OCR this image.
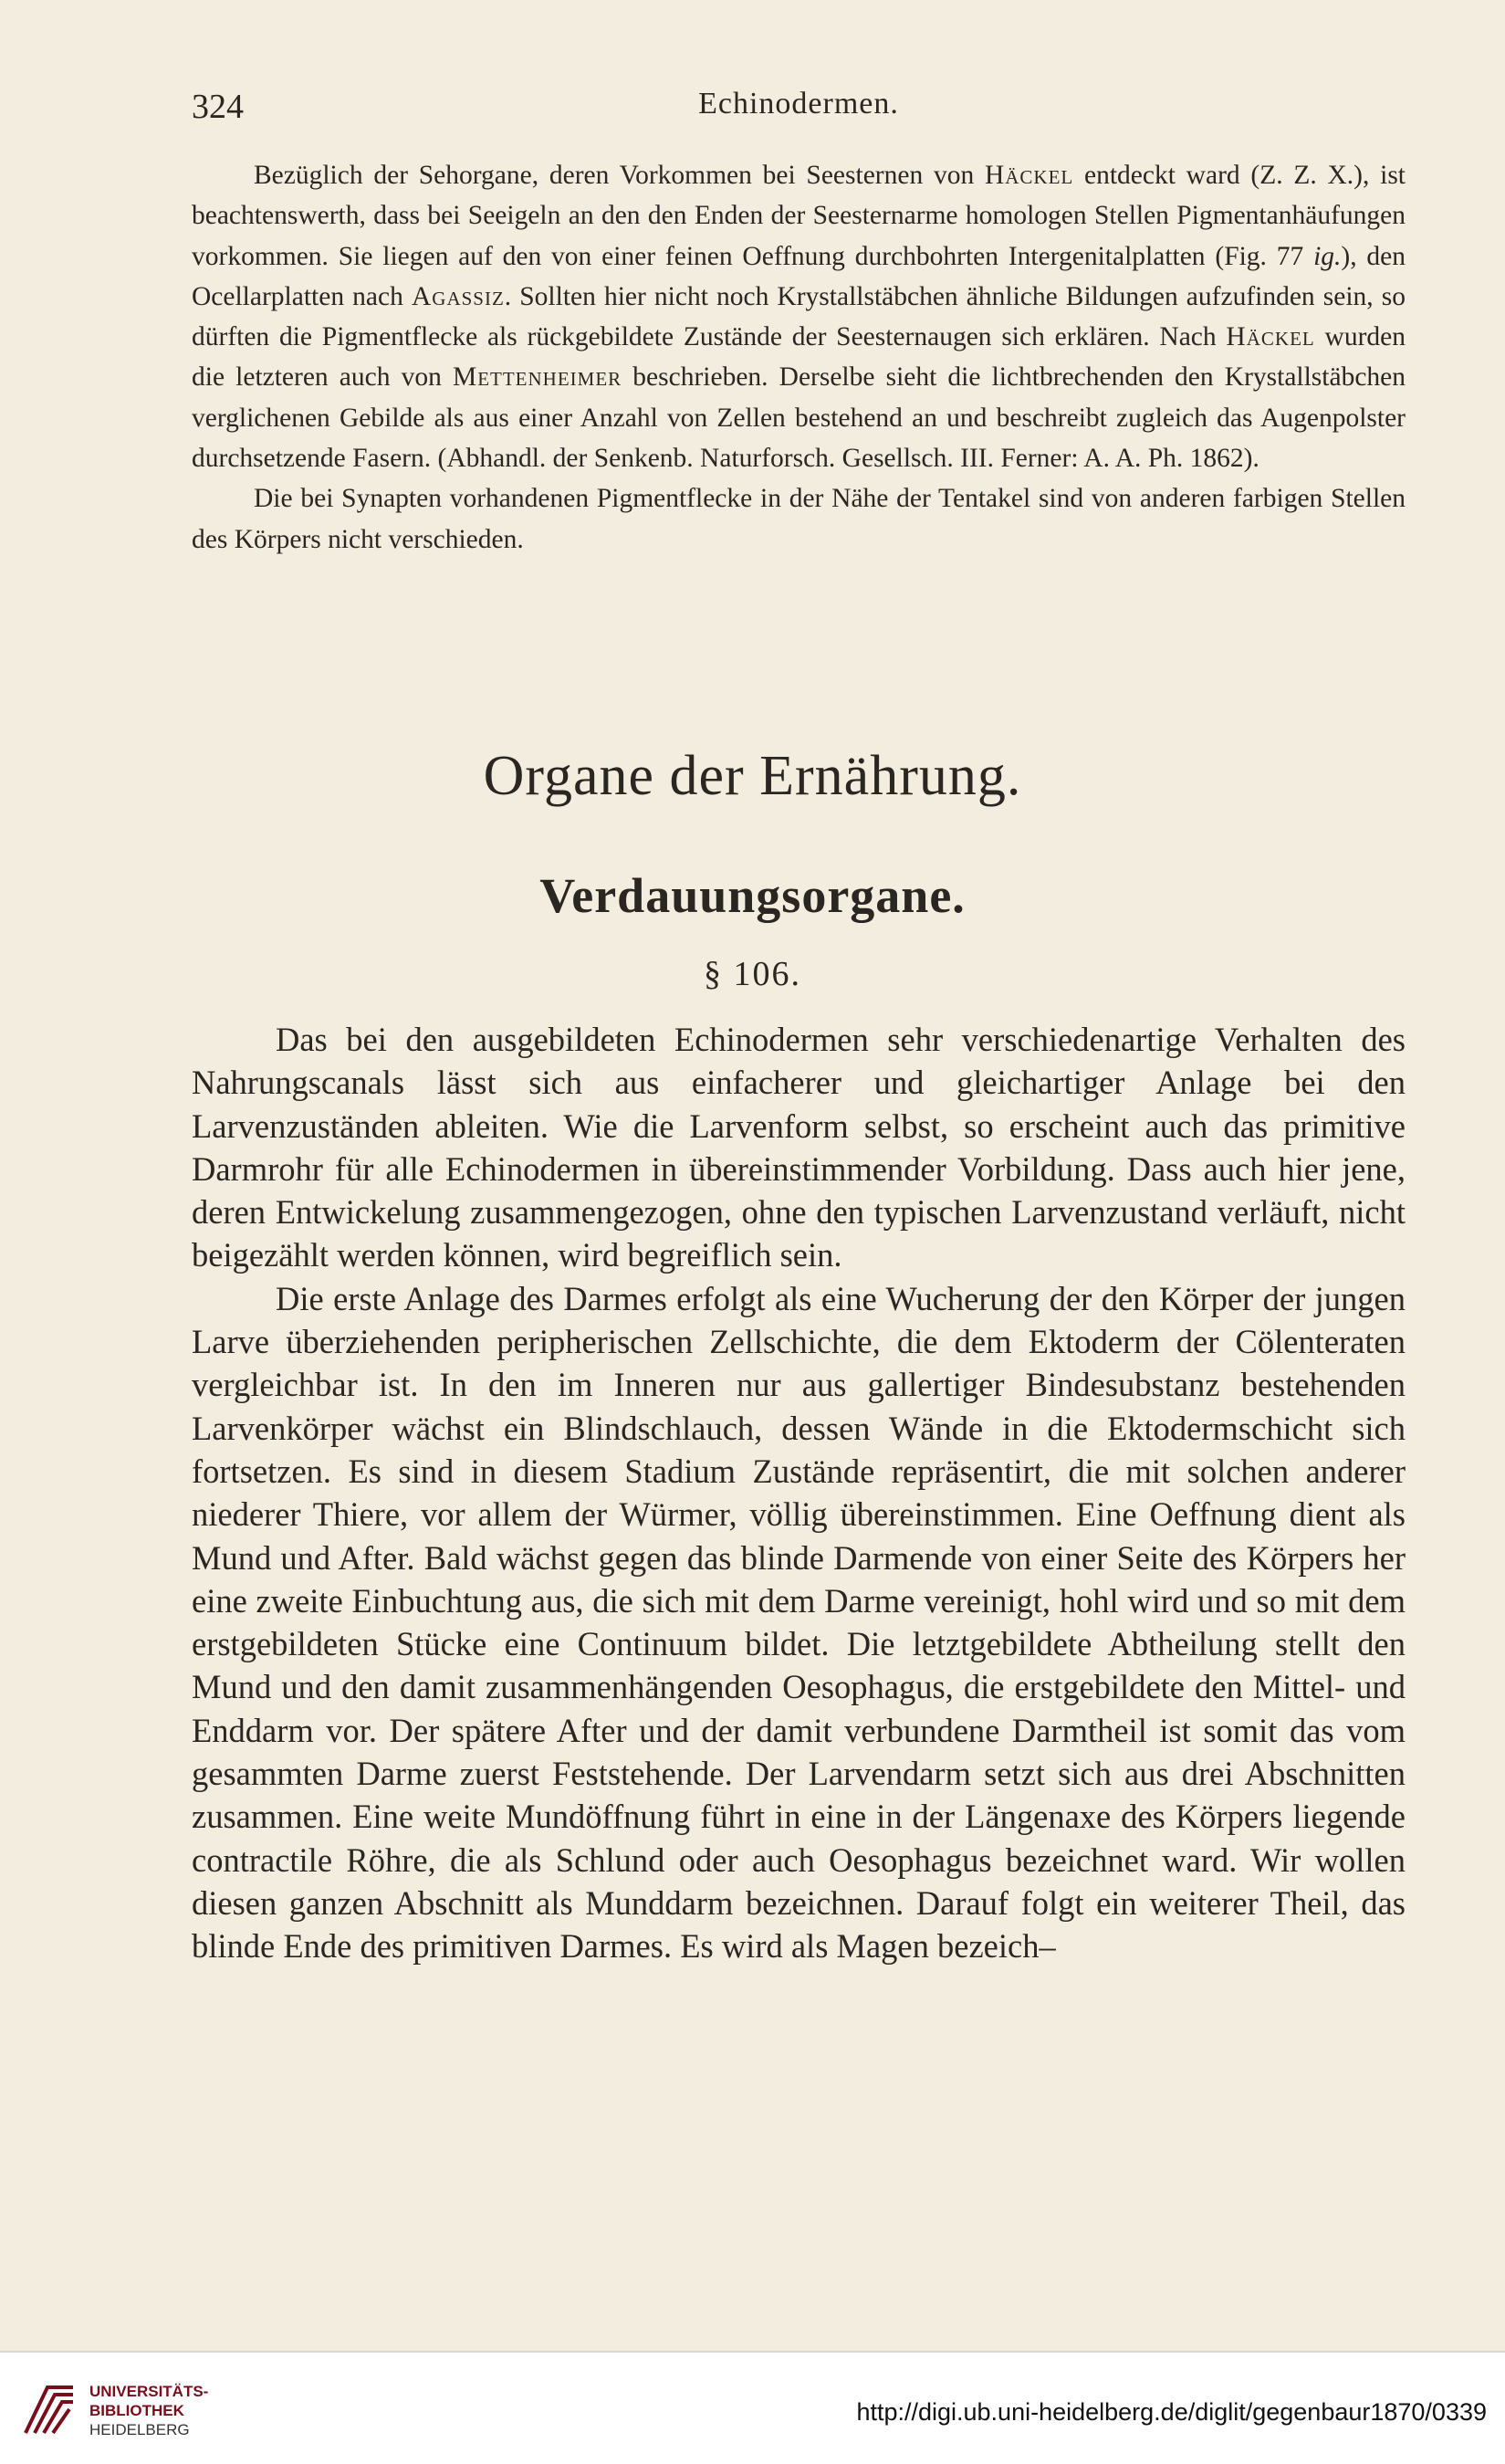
324	Echinodermen.

Bezüglich der Sehorgane, deren Vorkommen bei Seesternen von Häckel entdeckt ward (Z. Z. X.), ist beachtenswerth, dass bei Seeigeln an den den Enden der Seesternarme homologen Stellen Pigmentanhäufungen vorkommen. Sie liegen auf den von einer feinen Oeffnung durchbohrten Intergenitalplatten (Fig. 77 ig.), den Ocellarplatten nach Agassiz. Sollten hier nicht noch Krystallstäbchen ähnliche Bildungen aufzufinden sein, so dürften die Pigmentflecke als rückgebildete Zustände der Seesternaugen sich erklären. Nach Häckel wurden die letzteren auch von Mettenheimer beschrieben. Derselbe sieht die lichtbrechenden den Krystallstäbchen verglichenen Gebilde als aus einer Anzahl von Zellen bestehend an und beschreibt zugleich das Augenpolster durchsetzende Fasern. (Abhandl. der Senkenb. Naturforsch. Gesellsch. III. Ferner: A. A. Ph. 1862).

Die bei Synapten vorhandenen Pigmentflecke in der Nähe der Tentakel sind von anderen farbigen Stellen des Körpers nicht verschieden.

Organe der Ernährung.
Verdauungsorgane.
§ 106.

Das bei den ausgebildeten Echinodermen sehr verschiedenartige Verhalten des Nahrungscanals lässt sich aus einfacherer und gleichartiger Anlage bei den Larvenzuständen ableiten. Wie die Larvenform selbst, so erscheint auch das primitive Darmrohr für alle Echinodermen in übereinstimmender Vorbildung. Dass auch hier jene, deren Entwickelung zusammengezogen, ohne den typischen Larvenzustand verläuft, nicht beigezählt werden können, wird begreiflich sein.

Die erste Anlage des Darmes erfolgt als eine Wucherung der den Körper der jungen Larve überziehenden peripherischen Zellschichte, die dem Ektoderm der Cölenteraten vergleichbar ist. In den im Inneren nur aus gallertiger Bindesubstanz bestehenden Larvenkörper wächst ein Blindschlauch, dessen Wände in die Ektodermschicht sich fortsetzen. Es sind in diesem Stadium Zustände repräsentirt, die mit solchen anderer niederer Thiere, vor allem der Würmer, völlig übereinstimmen. Eine Oeffnung dient als Mund und After. Bald wächst gegen das blinde Darmende von einer Seite des Körpers her eine zweite Einbuchtung aus, die sich mit dem Darme vereinigt, hohl wird und so mit dem erstgebildeten Stücke eine Continuum bildet. Die letztgebildete Abtheilung stellt den Mund und den damit zusammenhängenden Oesophagus, die erstgebildete den Mittel- und Enddarm vor. Der spätere After und der damit verbundene Darmtheil ist somit das vom gesammten Darme zuerst Feststehende. Der Larvendarm setzt sich aus drei Abschnitten zusammen. Eine weite Mundöffnung führt in eine in der Längenaxe des Körpers liegende contractile Röhre, die als Schlund oder auch Oesophagus bezeichnet ward. Wir wollen diesen ganzen Abschnitt als Munddarm bezeichnen. Darauf folgt ein weiterer Theil, das blinde Ende des primitiven Darmes. Es wird als Magen bezeich–

UNIVERSITÄTS-
BIBLIOTHEK
HEIDELBERG
http://digi.ub.uni-heidelberg.de/diglit/gegenbaur1870/0339
